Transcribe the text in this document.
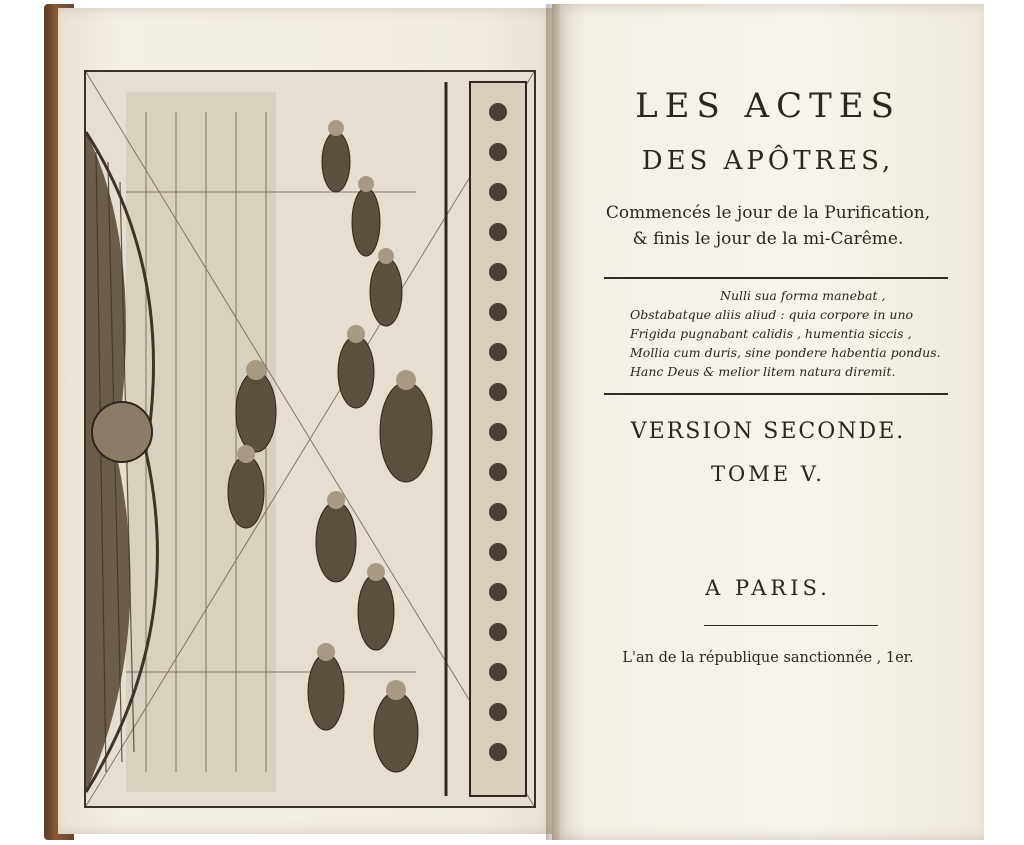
LES ACTES
DES APÔTRES,
Commencés le jour de la Purification,
& finis le jour de la mi-Carême.
Nulli sua forma manebat ,
Obstabatque aliis aliud : quia corpore in uno
Frigida pugnabant calidis , humentia siccis ,
Mollia cum duris, sine pondere habentia pondus.
Hanc Deus & melior litem natura diremit.
VERSION SECONDE.
TOME V.
A PARIS.
L'an de la république sanctionnée , 1er.
